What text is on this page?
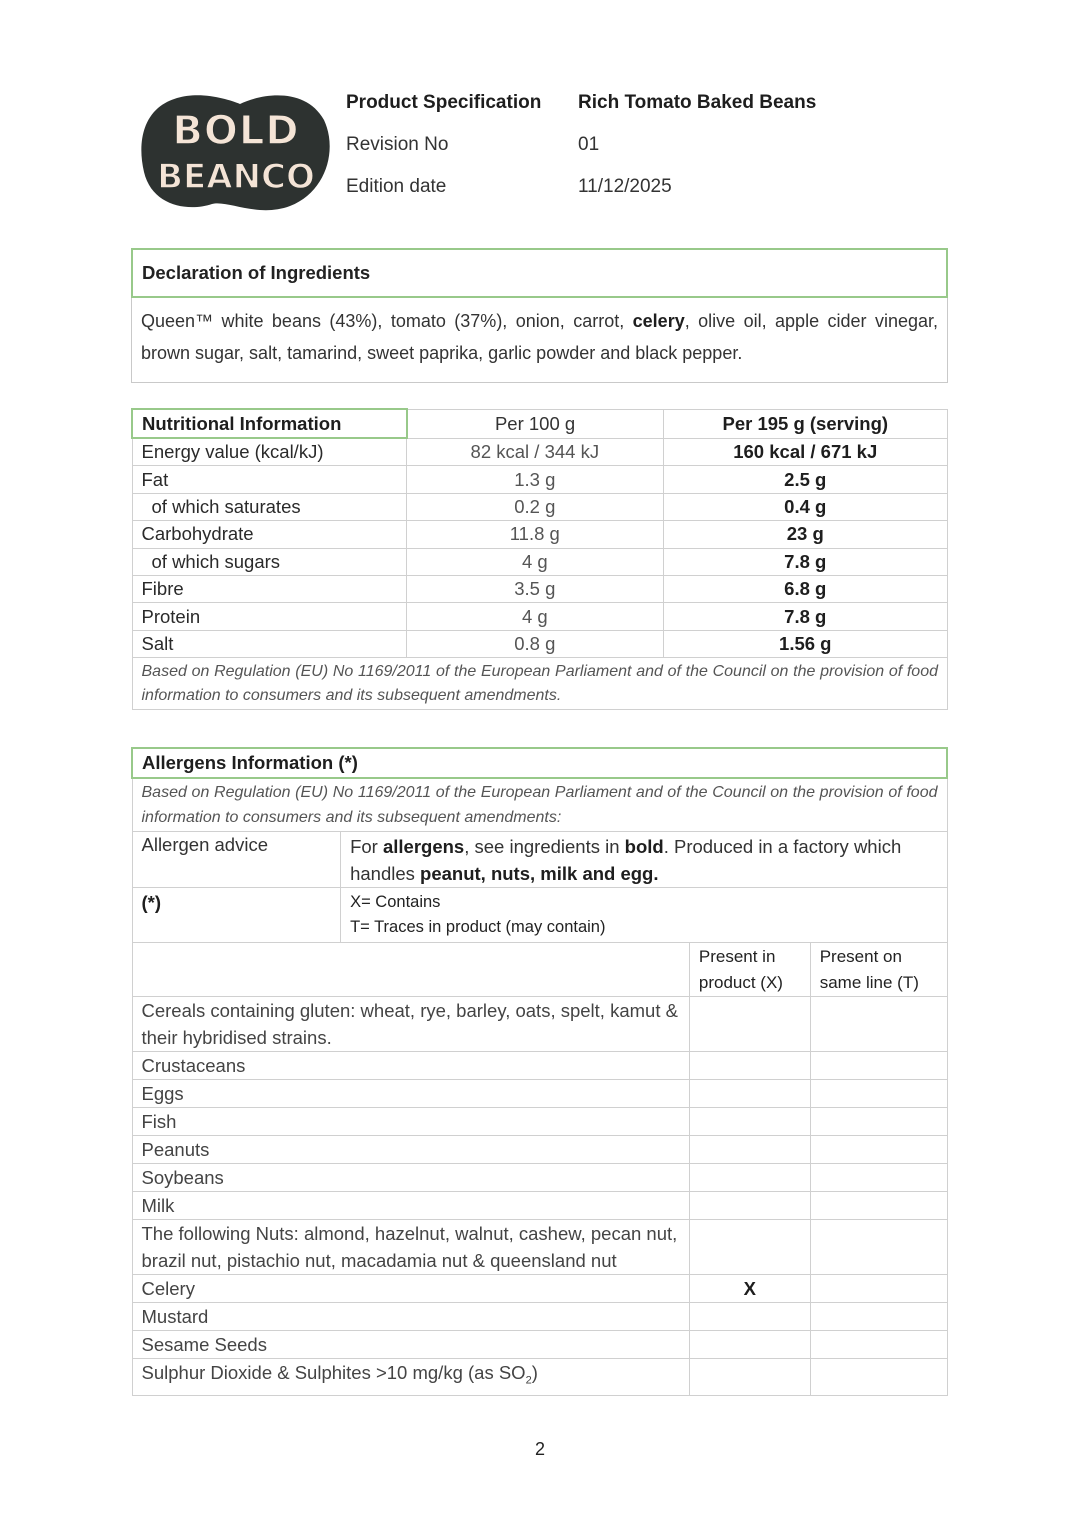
BOLD
BEANCO
Product Specification Rich Tomato Baked Beans
Revision No	01
Edition date	11/12/2025
Declaration of Ingredients
Queen™ white beans (43%), tomato (37%), onion, carrot, celery, olive oil, apple cider vinegar, brown sugar, salt, tamarind, sweet paprika, garlic powder and black pepper.
Nutritional Information	Per 100 g	Per 195 g (serving)
Energy value (kcal/kJ)	82 kcal / 344 kJ	160 kcal / 671 kJ
Fat	1.3 g	2.5 g
of which saturates	0.2 g	0.4 g
Carbohydrate	11.8 g	23 g
of which sugars	4 g	7.8 g
Fibre	3.5 g	6.8 g
Protein	4 g	7.8 g
Salt	0.8 g	1.56 g
Based on Regulation (EU) No 1169/2011 of the European Parliament and of the Council on the provision of food information to consumers and its subsequent amendments.		
Allergens Information (*)			
Based on Regulation (EU) No 1169/2011 of the European Parliament and of the Council on the provision of food information to consumers and its subsequent amendments:			
Allergen advice	For allergens, see ingredients in bold. Produced in a factory which handles peanut, nuts, milk and egg.		
(*)	X= Contains
T= Traces in product (may contain)		

		Present in product (X)	Present on same line (T)
Cereals containing gluten: wheat, rye, barley, oats, spelt, kamut & their hybridised strains.			
Crustaceans			
Eggs			
Fish			
Peanuts			
Soybeans			
Milk			
The following Nuts: almond, hazelnut, walnut, cashew, pecan nut, brazil nut, pistachio nut, macadamia nut & queensland nut			
Celery		X	
Mustard			
Sesame Seeds			
Sulphur Dioxide & Sulphites >10 mg/kg (as $SO_2$)			
2
